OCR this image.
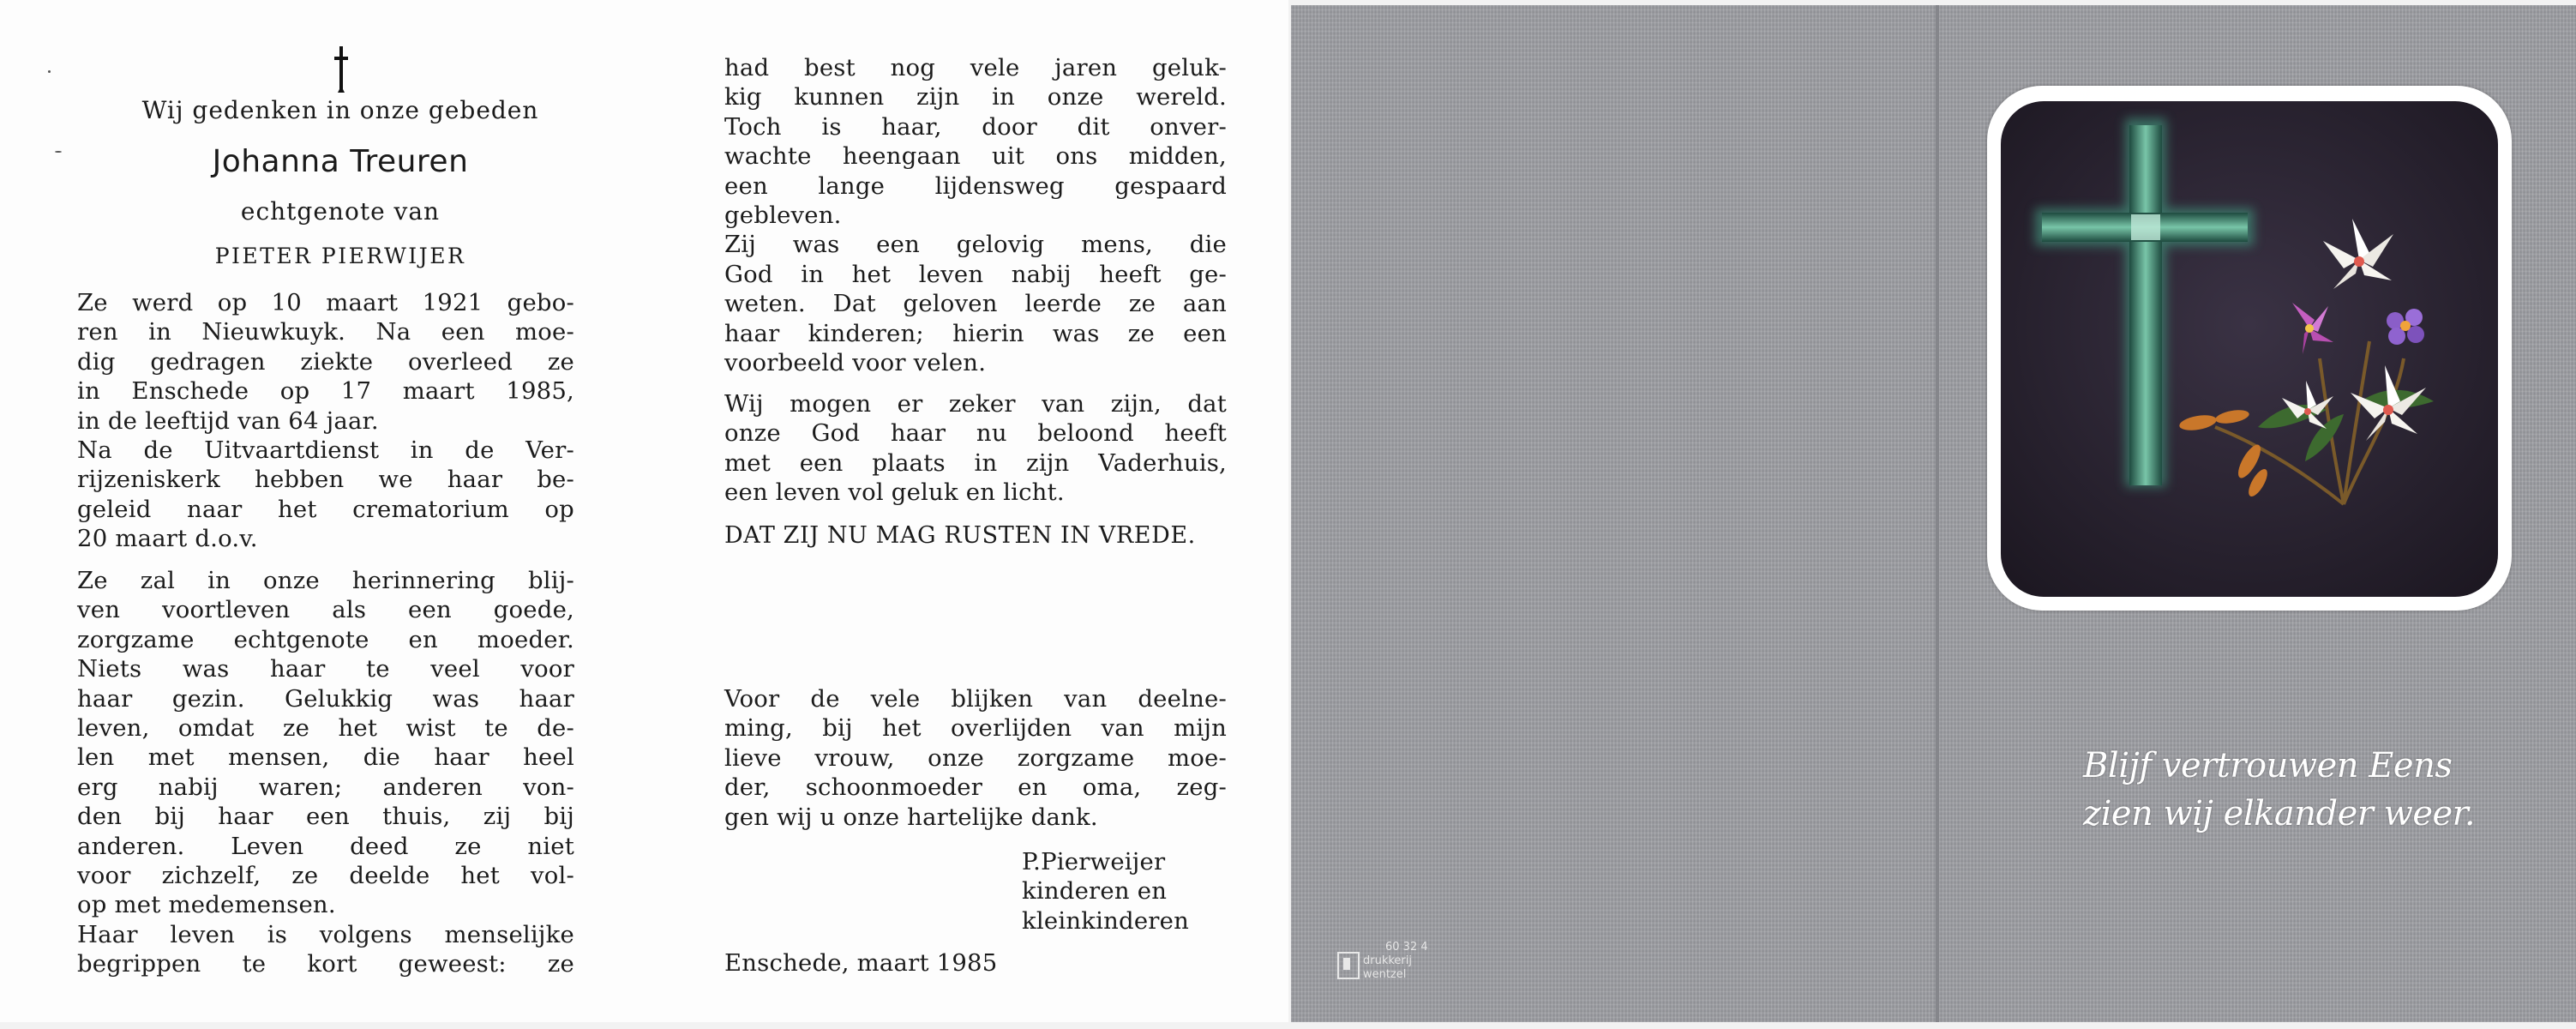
Wij gedenken in onze gebeden
Johanna Treuren
echtgenote van
PIETER PIERWIJER
Ze werd op 10 maart 1921 gebo-
ren in Nieuwkuyk. Na een moe-
dig gedragen ziekte overleed ze
in Enschede op 17 maart 1985,
in de leeftijd van 64 jaar.
Na de Uitvaartdienst in de Ver-
rijzeniskerk hebben we haar be-
geleid naar het crematorium op
20 maart d.o.v.
Ze zal in onze herinnering blij-
ven voortleven als een goede,
zorgzame echtgenote en moeder.
Niets was haar te veel voor
haar gezin. Gelukkig was haar
leven, omdat ze het wist te de-
len met mensen, die haar heel
erg nabij waren; anderen von-
den bij haar een thuis, zij bij
anderen. Leven deed ze niet
voor zichzelf, ze deelde het vol-
op met medemensen.
Haar leven is volgens menselijke
begrippen te kort geweest: ze
had best nog vele jaren geluk-
kig kunnen zijn in onze wereld.
Toch is haar, door dit onver-
wachte heengaan uit ons midden,
een lange lijdensweg gespaard
gebleven.
Zij was een gelovig mens, die
God in het leven nabij heeft ge-
weten. Dat geloven leerde ze aan
haar kinderen; hierin was ze een
voorbeeld voor velen.
Wij mogen er zeker van zijn, dat
onze God haar nu beloond heeft
met een plaats in zijn Vaderhuis,
een leven vol geluk en licht.
DAT ZIJ NU MAG RUSTEN IN VREDE.
Voor de vele blijken van deelne-
ming, bij het overlijden van mijn
lieve vrouw, onze zorgzame moe-
der, schoonmoeder en oma, zeg-
gen wij u onze hartelijke dank.
P.Pierweijer
kinderen en
kleinkinderen
Enschede, maart 1985
60 32 4
drukkerij
wentzel
Blijf vertrouwen Eens
zien wij elkander weer.
